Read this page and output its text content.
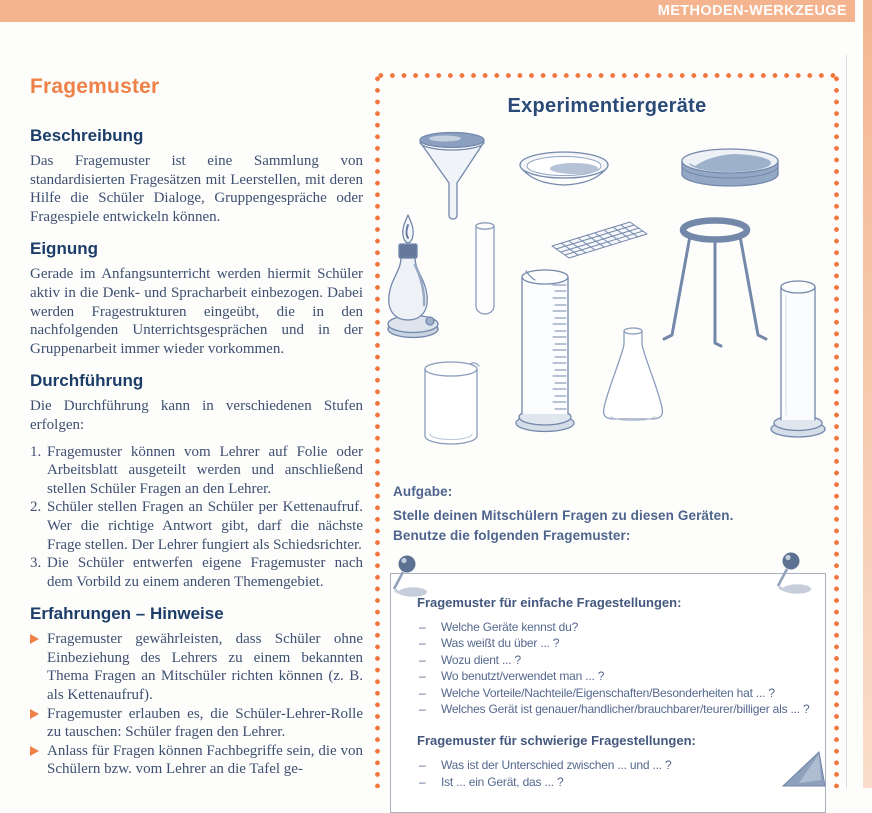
METHODEN-WERKZEUGE
Fragemuster
Beschreibung

Das Fragemuster ist eine Sammlung von standardisierten Fragesätzen mit Leerstellen, mit deren Hilfe die Schüler Dialoge, Gruppengespräche oder Fragespiele entwickeln können.

Eignung

Gerade im Anfangsunterricht werden hiermit Schüler aktiv in die Denk- und Spracharbeit einbezogen. Dabei werden Fragestrukturen eingeübt, die in den nachfolgenden Unterrichtsgesprächen und in der Gruppenarbeit immer wieder vorkommen.

Durchführung

Die Durchführung kann in verschiedenen Stufen erfolgen:

1. Fragemuster können vom Lehrer auf Folie oder Arbeitsblatt ausgeteilt werden und anschließend stellen Schüler Fragen an den Lehrer.
2. Schüler stellen Fragen an Schüler per Kettenaufruf. Wer die richtige Antwort gibt, darf die nächste Frage stellen. Der Lehrer fungiert als Schiedsrichter.
3. Die Schüler entwerfen eigene Fragemuster nach dem Vorbild zu einem anderen Themengebiet.
Erfahrungen – Hinweise
Fragemuster gewährleisten, dass Schüler ohne Einbeziehung des Lehrers zu einem bekannten Thema Fragen an Mitschüler richten können (z. B. als Kettenaufruf).
Fragemuster erlauben es, die Schüler-Lehrer-Rolle zu tauschen: Schüler fragen den Lehrer.
Anlass für Fragen können Fachbegriffe sein, die von Schülern bzw. vom Lehrer an die Tafel ge-
Experimentiergeräte
Aufgabe:
Stelle deinen Mitschülern Fragen zu diesen Geräten.
Benutze die folgenden Fragemuster:
Fragemuster für einfache Fragestellungen:
– Welche Geräte kennst du?
– Was weißt du über ... ?
– Wozu dient ... ?
– Wo benutzt/verwendet man ... ?
– Welche Vorteile/Nachteile/Eigenschaften/Besonderheiten hat ... ?
– Welches Gerät ist genauer/handlicher/brauchbarer/teurer/billiger als ... ?
Fragemuster für schwierige Fragestellungen:
– Was ist der Unterschied zwischen ... und ... ?
– Ist ... ein Gerät, das ... ?
